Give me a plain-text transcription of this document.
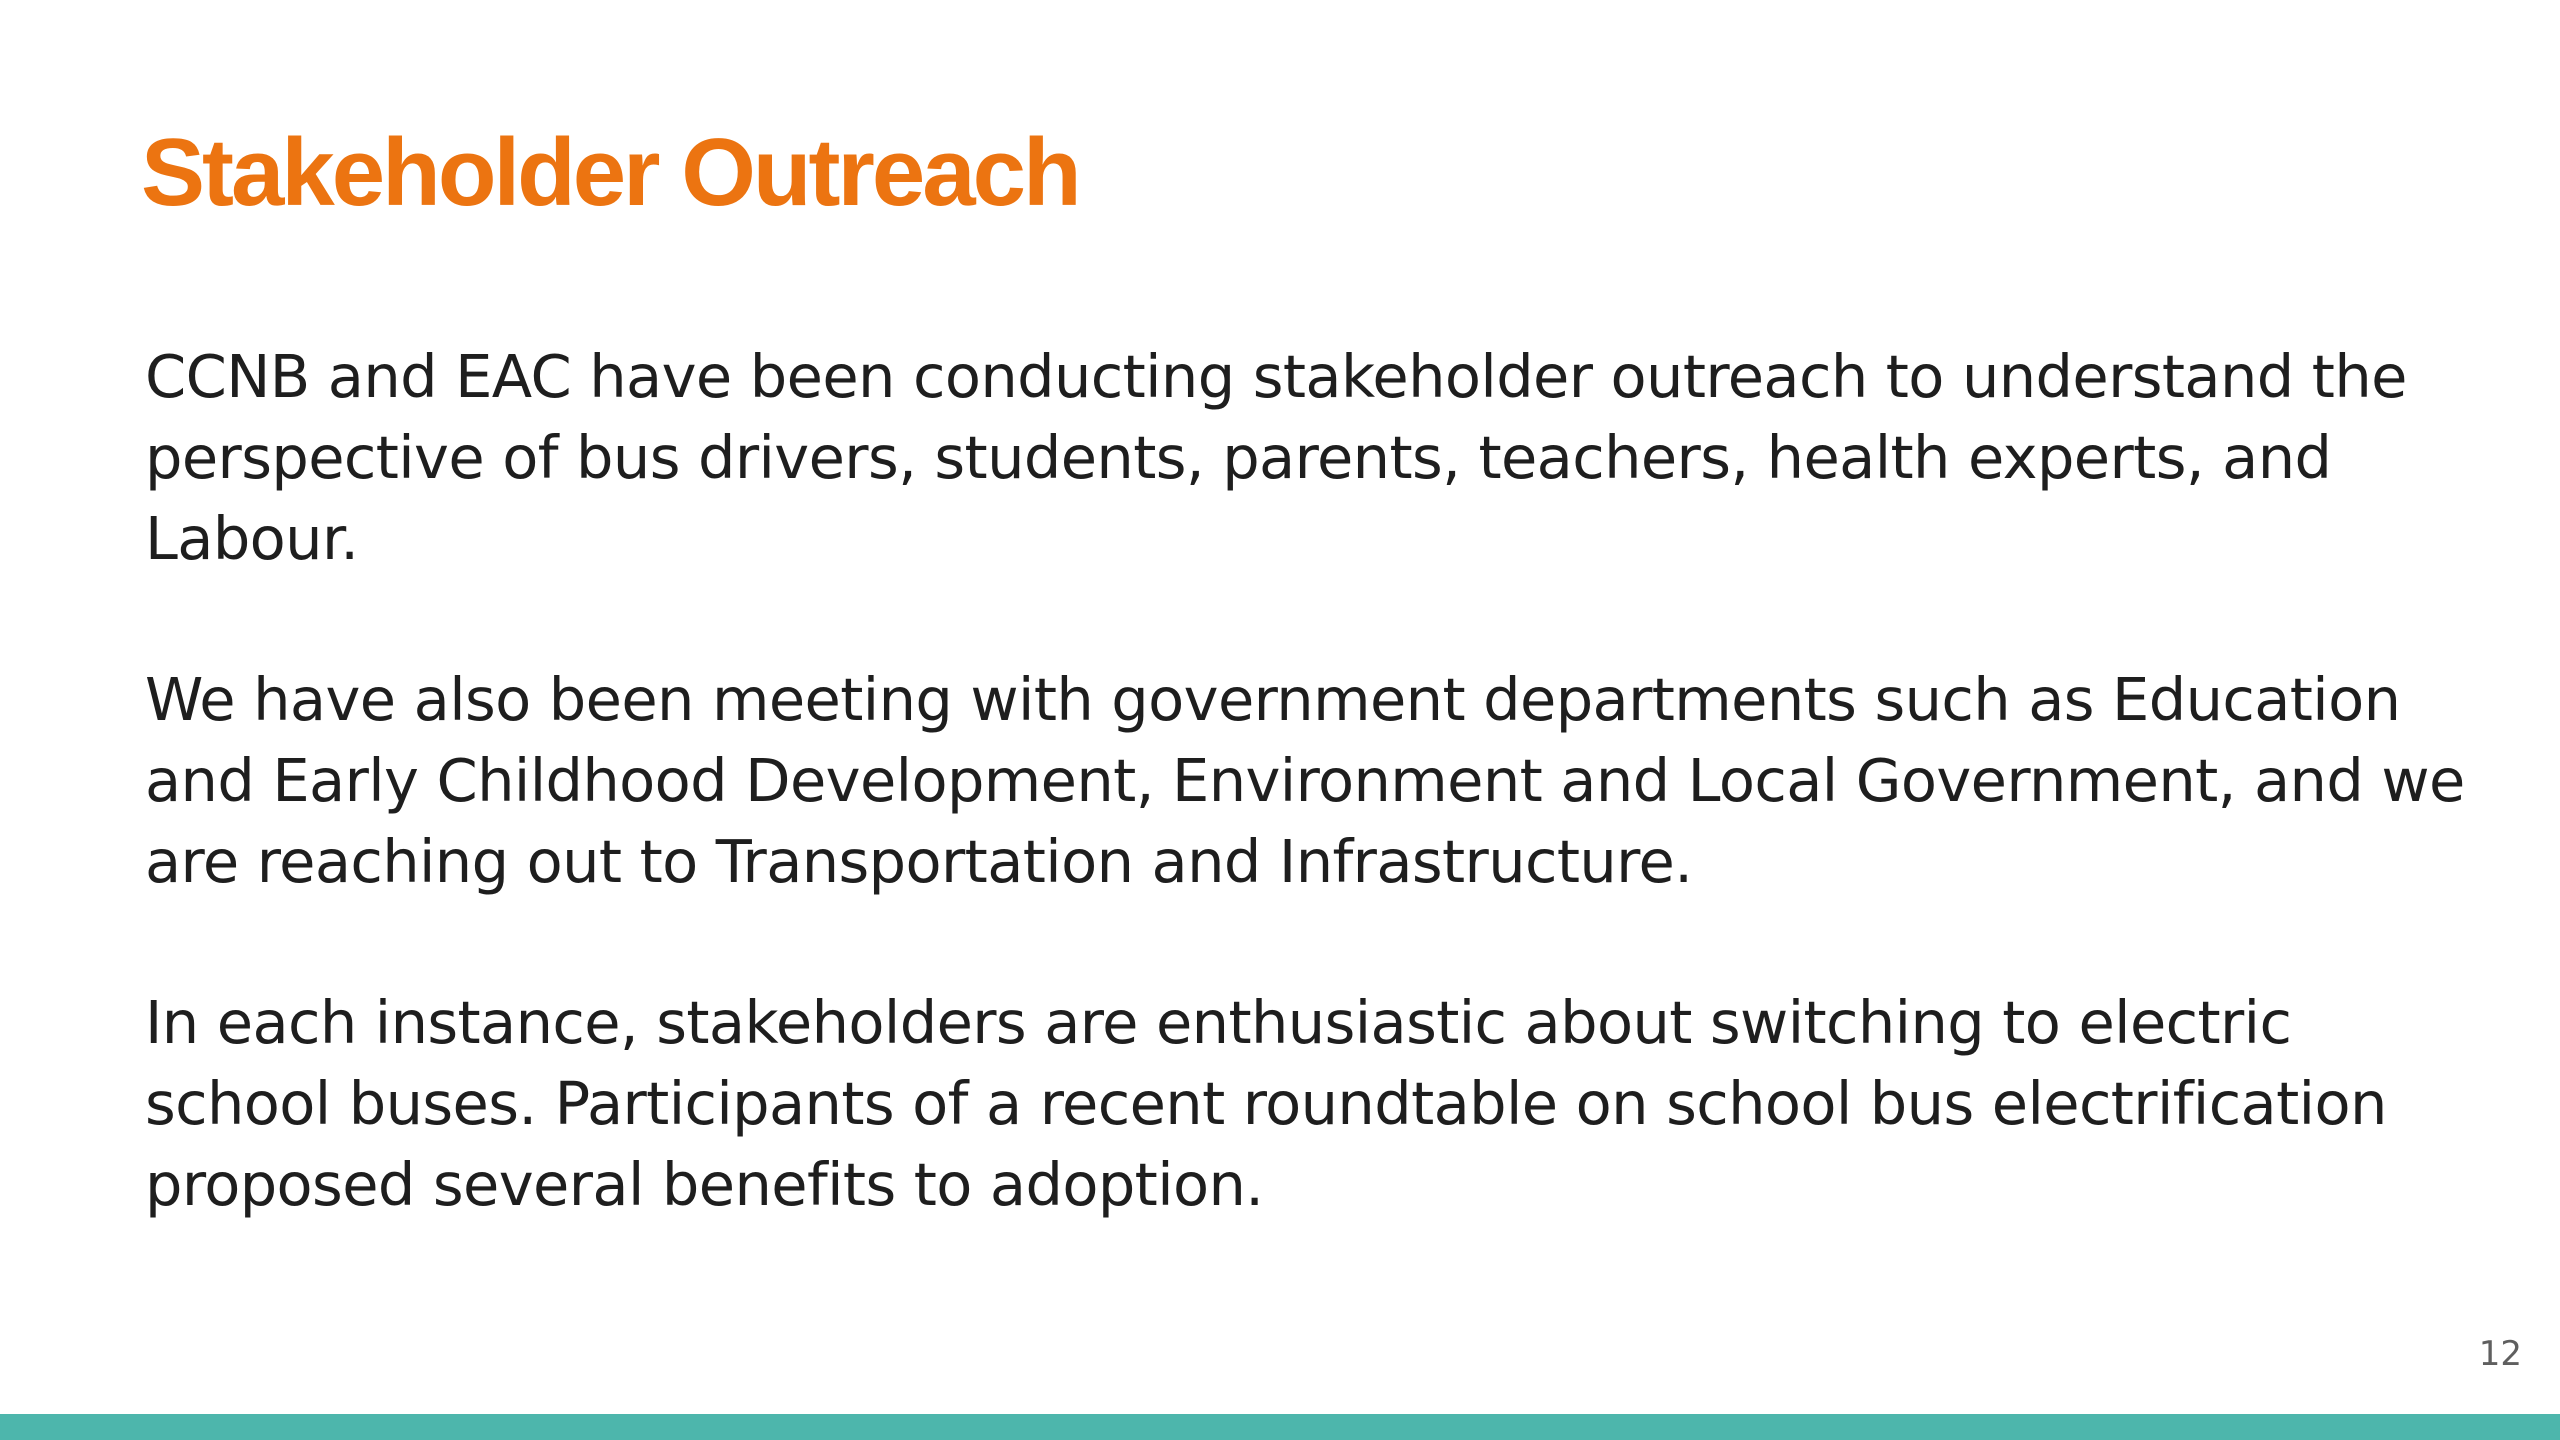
Stakeholder Outreach

CCNB and EAC have been conducting stakeholder outreach to understand the perspective of bus drivers, students, parents, teachers, health experts, and Labour.

We have also been meeting with government departments such as Education and Early Childhood Development, Environment and Local Government, and we are reaching out to Transportation and Infrastructure.

In each instance, stakeholders are enthusiastic about switching to electric school buses. Participants of a recent roundtable on school bus electrification proposed several benefits to adoption.

12
